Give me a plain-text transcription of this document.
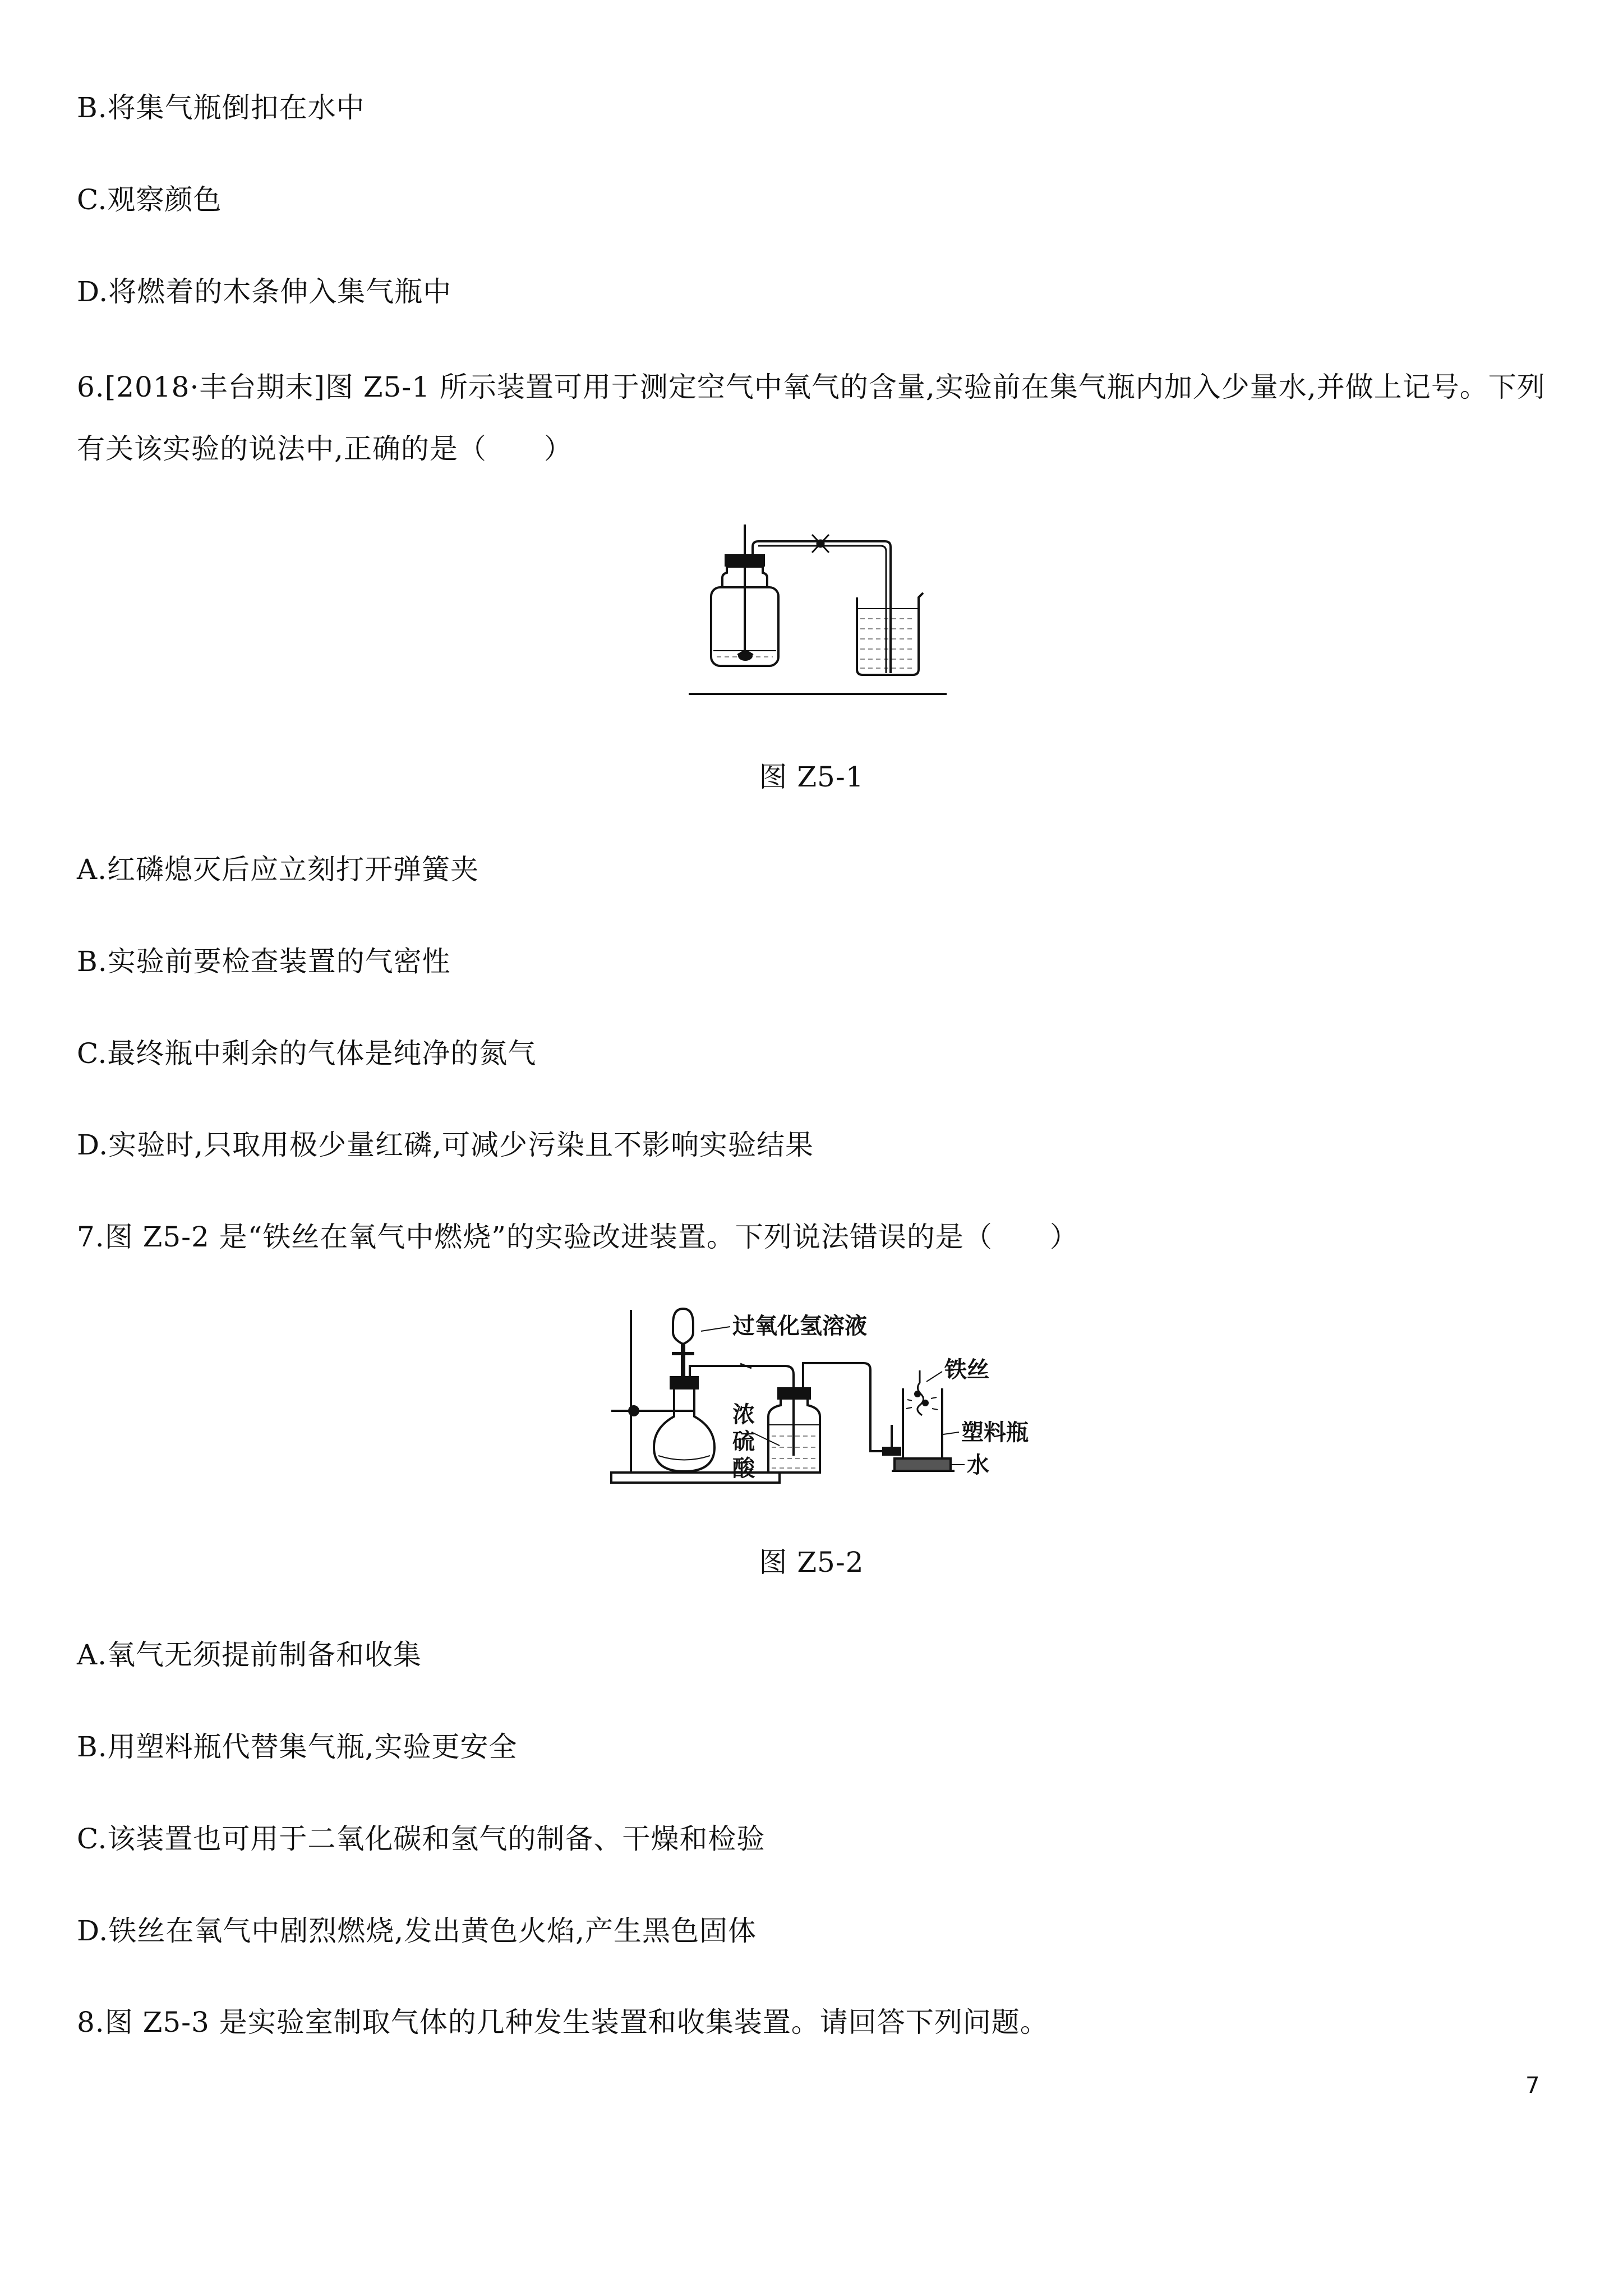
B.将集气瓶倒扣在水中
C.观察颜色
D.将燃着的木条伸入集气瓶中
6.[2018·丰台期末]图 Z5-1 所示装置可用于测定空气中氧气的含量,实验前在集气瓶内加入少量水,并做上记号。下列
有关该实验的说法中,正确的是（　　）
图 Z5-1
A.红磷熄灭后应立刻打开弹簧夹
B.实验前要检查装置的气密性
C.最终瓶中剩余的气体是纯净的氮气
D.实验时,只取用极少量红磷,可减少污染且不影响实验结果
7.图 Z5-2 是“铁丝在氧气中燃烧”的实验改进装置。下列说法错误的是（　　）
过氧化氢溶液
浓
硫
酸
铁丝
塑料瓶
水
图 Z5-2
A.氧气无须提前制备和收集
B.用塑料瓶代替集气瓶,实验更安全
C.该装置也可用于二氧化碳和氢气的制备、干燥和检验
D.铁丝在氧气中剧烈燃烧,发出黄色火焰,产生黑色固体
8.图 Z5-3 是实验室制取气体的几种发生装置和收集装置。请回答下列问题。
7
